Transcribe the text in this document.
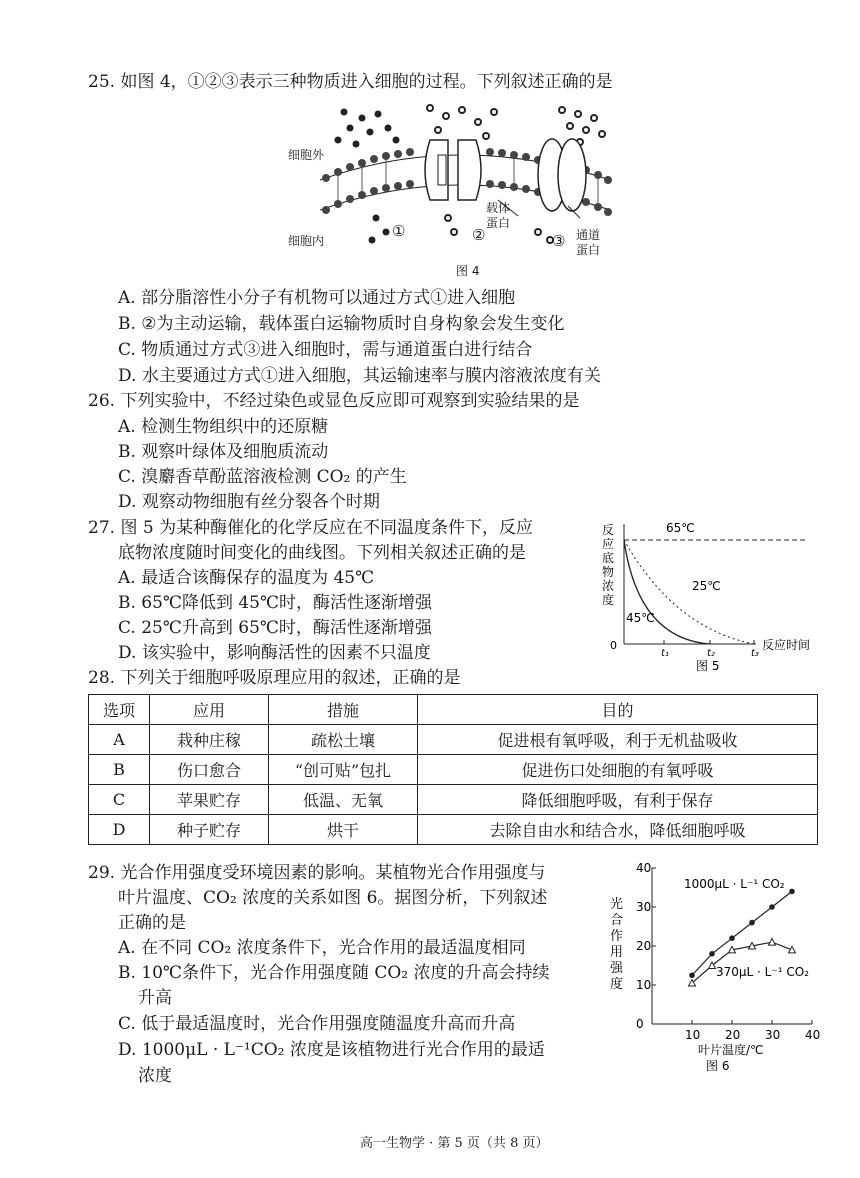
25. 如图 4，①②③表示三种物质进入细胞的过程。下列叙述正确的是
细胞外
细胞内
载体
蛋白
通道
蛋白
①	②	③
图 4
A. 部分脂溶性小分子有机物可以通过方式①进入细胞
B. ②为主动运输，载体蛋白运输物质时自身构象会发生变化
C. 物质通过方式③进入细胞时，需与通道蛋白进行结合
D. 水主要通过方式①进入细胞，其运输速率与膜内溶液浓度有关
26. 下列实验中，不经过染色或显色反应即可观察到实验结果的是
A. 检测生物组织中的还原糖
B. 观察叶绿体及细胞质流动
C. 溴麝香草酚蓝溶液检测 CO₂ 的产生
D. 观察动物细胞有丝分裂各个时期
27. 图 5 为某种酶催化的化学反应在不同温度条件下，反应
底物浓度随时间变化的曲线图。下列相关叙述正确的是
A. 最适合该酶保存的温度为 45℃
B. 65℃降低到 45℃时，酶活性逐渐增强
C. 25℃升高到 65℃时，酶活性逐渐增强
D. 该实验中，影响酶活性的因素不只温度
反
应
底
物
浓
度
0
t₁	t₂	t₃
65℃
25℃
45℃
反应时间
图 5
28. 下列关于细胞呼吸原理应用的叙述，正确的是
选项	应用	措施	目的
A	栽种庄稼	疏松土壤	促进根有氧呼吸，利于无机盐吸收
B	伤口愈合	“创可贴”包扎	促进伤口处细胞的有氧呼吸
C	苹果贮存	低温、无氧	降低细胞呼吸，有利于保存
D	种子贮存	烘干	去除自由水和结合水，降低细胞呼吸
29. 光合作用强度受环境因素的影响。某植物光合作用强度与
叶片温度、CO₂ 浓度的关系如图 6。据图分析，下列叙述
正确的是
A. 在不同 CO₂ 浓度条件下，光合作用的最适温度相同
B. 10℃条件下，光合作用强度随 CO₂ 浓度的升高会持续
升高
C. 低于最适温度时，光合作用强度随温度升高而升高
D. 1000μL · L⁻¹CO₂ 浓度是该植物进行光合作用的最适
浓度
光
合
作
用
强
度
0
10
20
30
40
10 20 30 40
1000μL · L⁻¹ CO₂
370μL · L⁻¹ CO₂
叶片温度/℃
图 6
高一生物学 · 第 5 页（共 8 页）
